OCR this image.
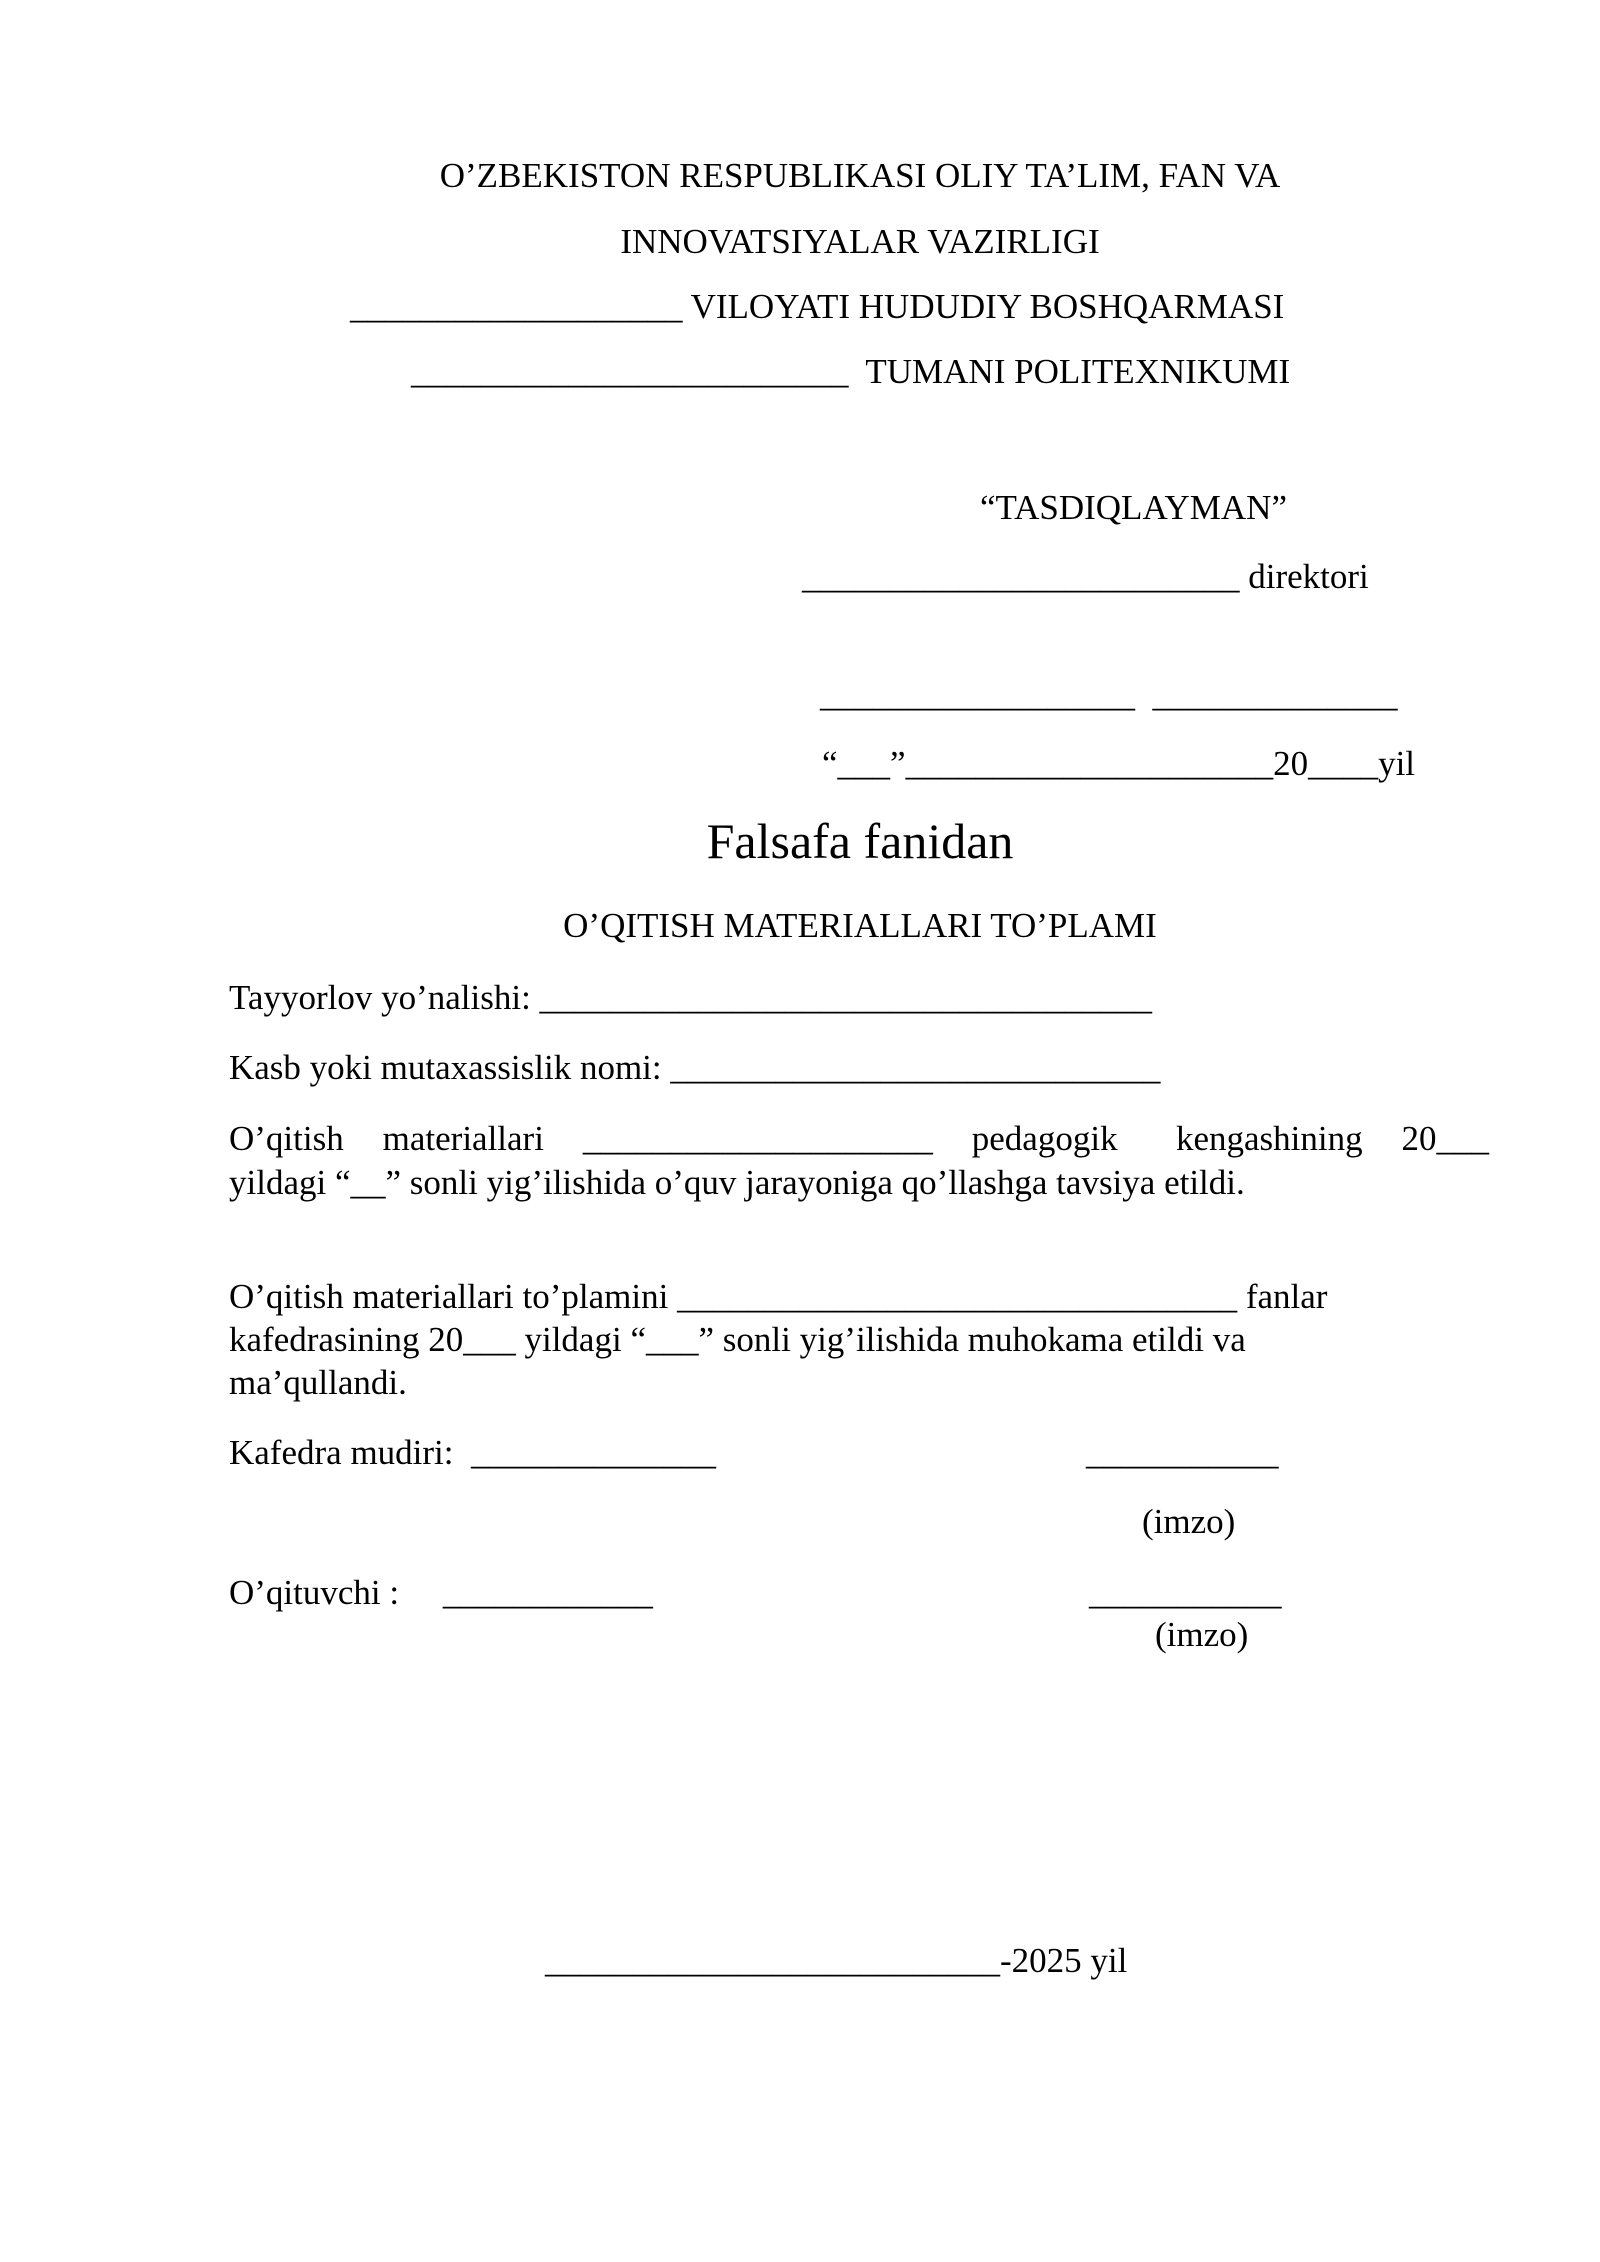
O’ZBEKISTON RESPUBLIKASI OLIY TA’LIM, FAN VA
INNOVATSIYALAR VAZIRLIGI
___________________ VILOYATI HUDUDIY BOSHQARMASI
_________________________  TUMANI POLITEXNIKUMI
“TASDIQLAYMAN”
_________________________ direktori
__________________  ______________
“___”_____________________20____yil
Falsafa fanidan
O’QITISH MATERIALLARI TO’PLAMI
Tayyorlov yo’nalishi: ___________________________________
Kasb yoki mutaxassislik nomi: ____________________________
O’qitish  materiallari  ____________________  pedagogik   kengashining  20___
yildagi “__” sonli yig’ilishida o’quv jarayoniga qo’llashga tavsiya etildi.
O’qitish materiallari to’plamini ________________________________ fanlar
kafedrasining 20___ yildagi “___” sonli yig’ilishida muhokama etildi va
ma’qullandi.
Kafedra mudiri:  ______________	___________
(imzo)
O’qituvchi :     ____________	___________
(imzo)
__________________________-2025 yil
